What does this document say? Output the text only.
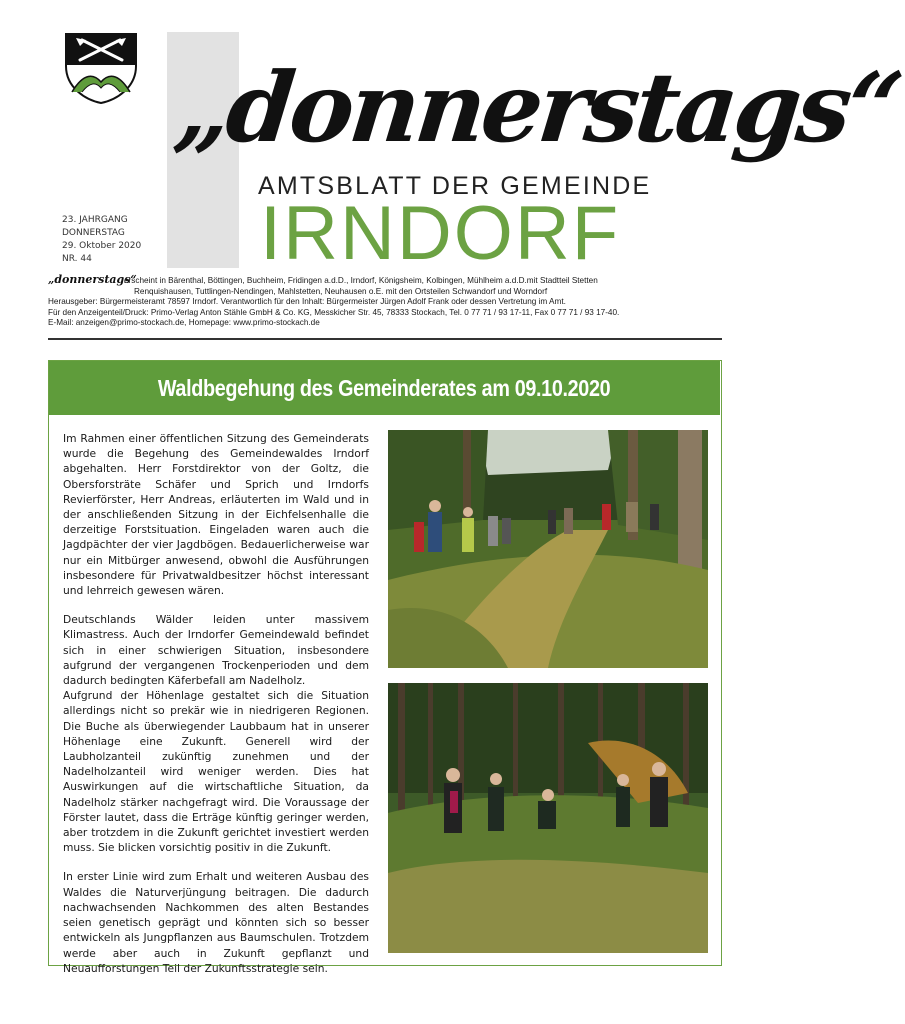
„donnerstags“
AMTSBLATT DER GEMEINDE
IRNDORF
23. JAHRGANG
DONNERSTAG
29. Oktober 2020
NR. 44
„donnerstags“erscheint in Bärenthal, Böttingen, Buchheim, Fridingen a.d.D., Irndorf, Königsheim, Kolbingen, Mühlheim a.d.D.mit Stadtteil Stetten
Renquishausen, Tuttlingen-Nendingen, Mahlstetten, Neuhausen o.E. mit den Ortsteilen Schwandorf und Worndorf
Herausgeber: Bürgermeisteramt 78597 Irndorf. Verantwortlich für den Inhalt: Bürgermeister Jürgen Adolf Frank oder dessen Vertretung im Amt.
Für den Anzeigenteil/Druck: Primo-Verlag Anton Stähle GmbH & Co. KG, Messkicher Str. 45, 78333 Stockach, Tel. 0 77 71 / 93 17-11, Fax 0 77 71 / 93 17-40.
E-Mail: anzeigen@primo-stockach.de, Homepage: www.primo-stockach.de
Waldbegehung des Gemeinderates am 09.10.2020

Im Rahmen einer öffentlichen Sitzung des Gemeinderats wurde die Begehung des Gemeindewaldes Irndorf abgehalten. Herr Forstdirektor von der Goltz, die Obersforsträte Schäfer und Sprich und Irndorfs Revierförster, Herr Andreas, erläuterten im Wald und in der anschließenden Sitzung in der Eichfelsenhalle die derzeitige Forstsituation. Eingeladen waren auch die Jagdpächter der vier Jagdbögen. Bedauerlicherweise war nur ein Mitbürger anwesend, obwohl die Ausführungen insbesondere für Privatwaldbesitzer höchst interessant und lehrreich gewesen wären.

Deutschlands Wälder leiden unter massivem Klimastress. Auch der Irndorfer Gemeindewald befindet sich in einer schwierigen Situation, insbesondere aufgrund der vergangenen Trockenperioden und dem dadurch bedingten Käferbefall am Nadelholz.

Aufgrund der Höhenlage gestaltet sich die Situation allerdings nicht so prekär wie in niedrigeren Regionen. Die Buche als überwiegender Laubbaum hat in unserer Höhenlage eine Zukunft. Generell wird der Laubholzanteil zukünftig zunehmen und der Nadelholzanteil wird weniger werden. Dies hat Auswirkungen auf die wirtschaftliche Situation, da Nadelholz stärker nachgefragt wird. Die Voraussage der Förster lautet, dass die Erträge künftig geringer werden, aber trotzdem in die Zukunft gerichtet investiert werden muss. Sie blicken vorsichtig positiv in die Zukunft.

In erster Linie wird zum Erhalt und weiteren Ausbau des Waldes die Naturverjüngung beitragen. Die dadurch nachwachsenden Nachkommen des alten Bestandes seien genetisch geprägt und könnten sich so besser entwickeln als Jungpflanzen aus Baumschulen. Trotzdem werde aber auch in Zukunft gepflanzt und Neuaufforstungen Teil der Zukunftsstrategie sein.
